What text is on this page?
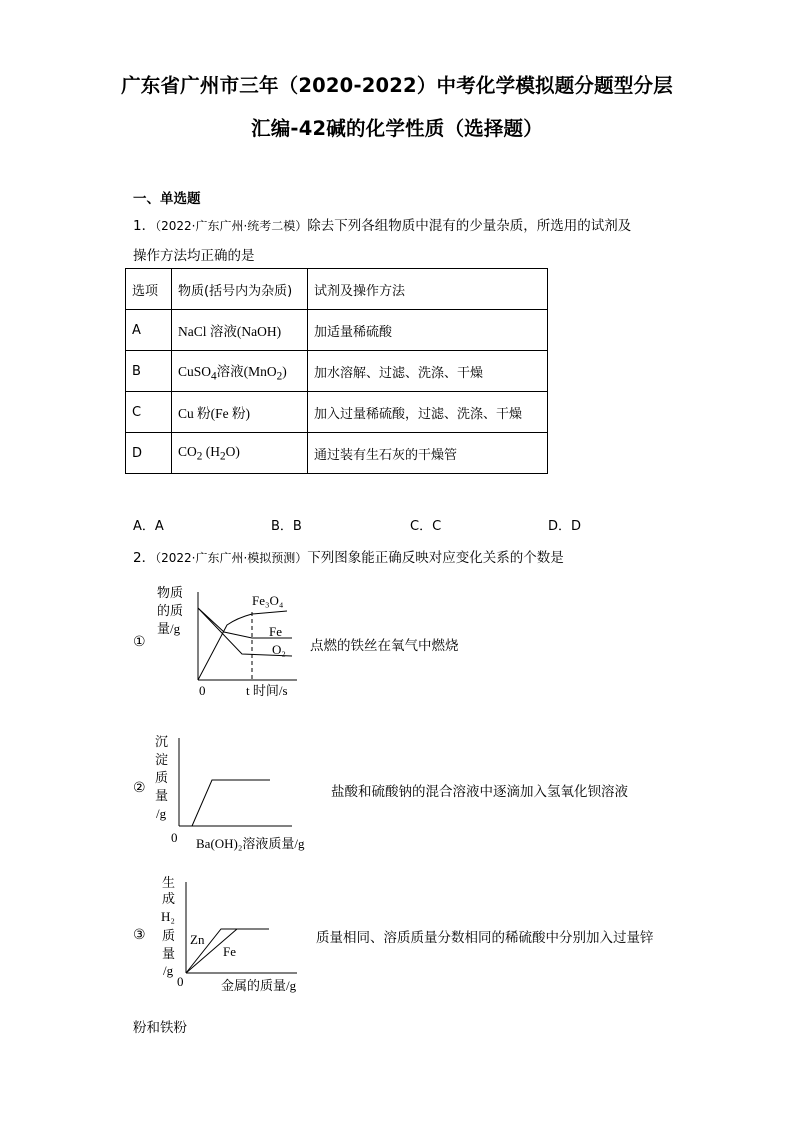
广东省广州市三年（2020-2022）中考化学模拟题分题型分层
汇编-42碱的化学性质（选择题）
一、单选题
1．（2022·广东广州·统考二模）除去下列各组物质中混有的少量杂质，所选用的试剂及
操作方法均正确的是
选项	物质(括号内为杂质)	试剂及操作方法
A	NaCl 溶液(NaOH)	加适量稀硫酸
B	CuSO$_4$溶液(MnO$_2$)	加水溶解、过滤、洗涤、干燥
C	Cu 粉(Fe 粉)	加入过量稀硫酸，过滤、洗涤、干燥
D	$CO_2$ $(H_2O)$	通过装有生石灰的干燥管
A．A	B．B	C．C	D．D
2．（2022·广东广州·模拟预测）下列图象能正确反映对应变化关系的个数是
①
物质
的质
量/g
0	t 时间/s
Fe₃O₄
Fe
O₂ 点燃的铁丝在氧气中燃烧
②
沉
淀
质
量
/g
0 Ba(OH)₂溶液质量/g
盐酸和硫酸钠的混合溶液中逐滴加入氢氧化钡溶液
③
生
成
H₂
质
量
/g
0	金属的质量/g
Zn
Fe
质量相同、溶质质量分数相同的稀硫酸中分别加入过量锌
粉和铁粉
